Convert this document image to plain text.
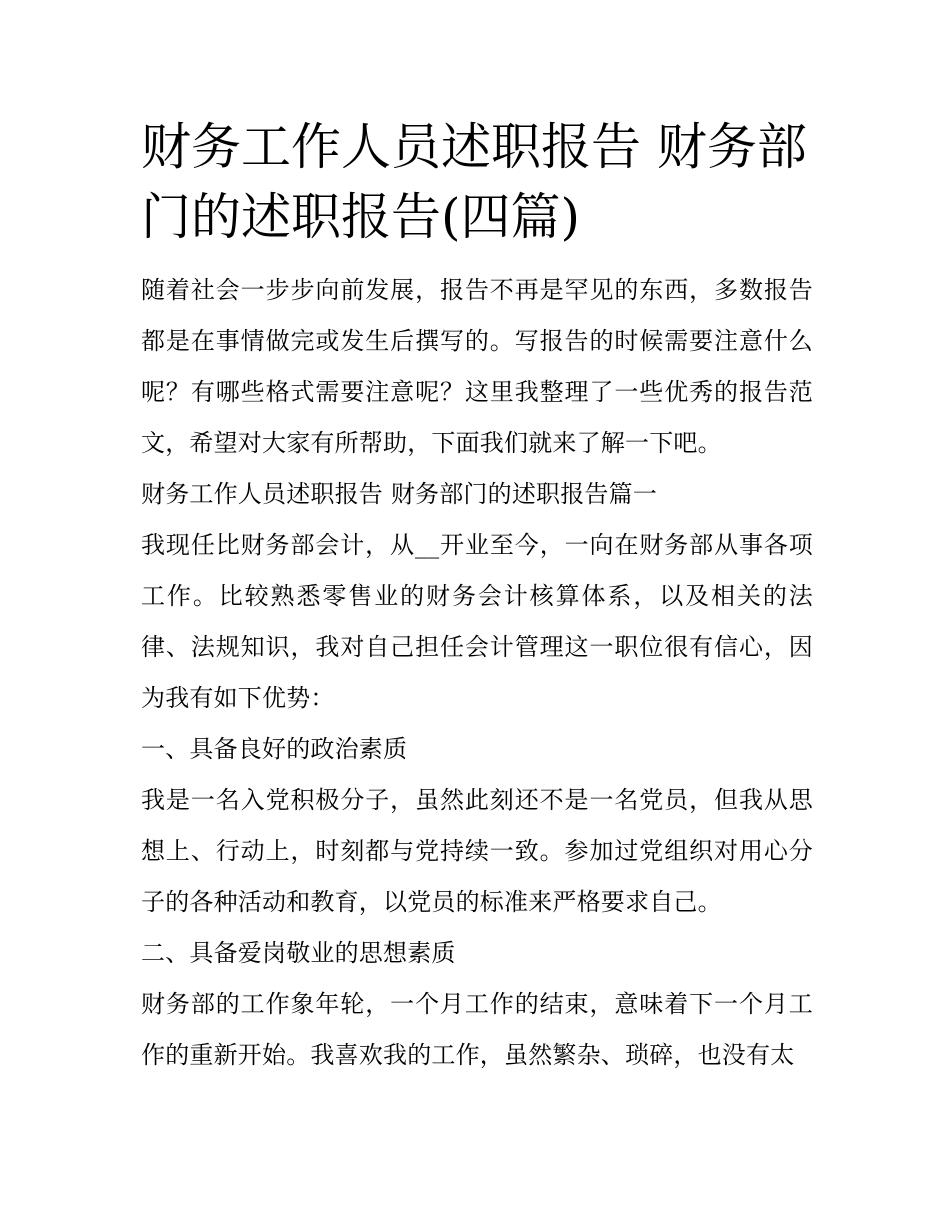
财务工作人员述职报告 财务部门的述职报告(四篇)

随着社会一步步向前发展，报告不再是罕见的东西，多数报告都是在事情做完或发生后撰写的。写报告的时候需要注意什么呢？有哪些格式需要注意呢？这里我整理了一些优秀的报告范文，希望对大家有所帮助，下面我们就来了解一下吧。

财务工作人员述职报告 财务部门的述职报告篇一

我现任比财务部会计，从__开业至今，一向在财务部从事各项工作。比较熟悉零售业的财务会计核算体系，以及相关的法律、法规知识，我对自己担任会计管理这一职位很有信心，因为我有如下优势：

一、具备良好的政治素质

我是一名入党积极分子，虽然此刻还不是一名党员，但我从思想上、行动上，时刻都与党持续一致。参加过党组织对用心分子的各种活动和教育，以党员的标准来严格要求自己。

二、具备爱岗敬业的思想素质

财务部的工作象年轮，一个月工作的结束，意味着下一个月工作的重新开始。我喜欢我的工作，虽然繁杂、琐碎，也没有太
